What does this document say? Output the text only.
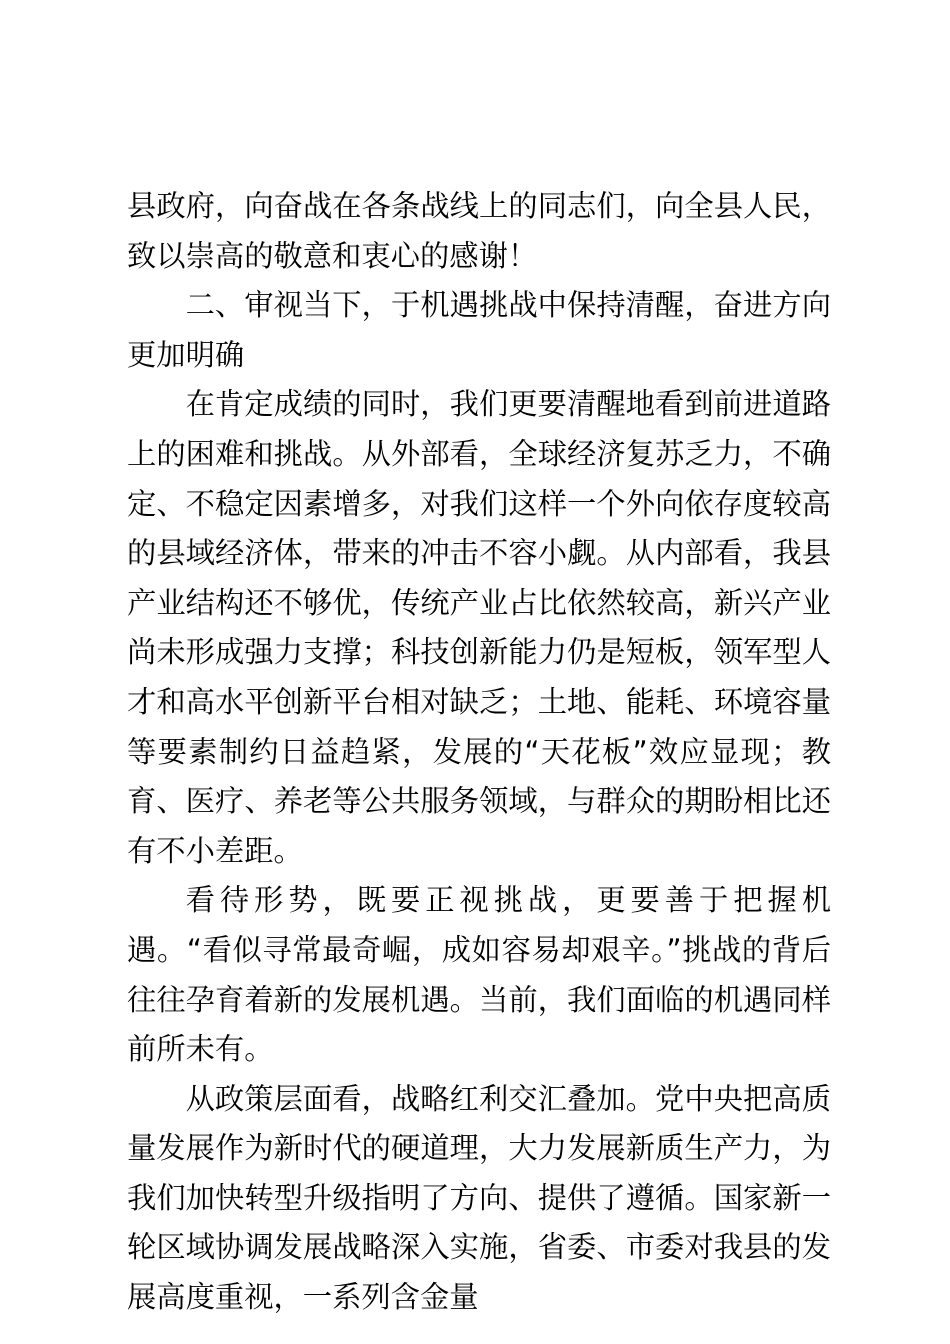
县政府，向奋战在各条战线上的同志们，向全县人民，致以崇高的敬意和衷心的感谢！

二、审视当下，于机遇挑战中保持清醒，奋进方向更加明确

在肯定成绩的同时，我们更要清醒地看到前进道路上的困难和挑战。从外部看，全球经济复苏乏力，不确定、不稳定因素增多，对我们这样一个外向依存度较高的县域经济体，带来的冲击不容小觑。从内部看，我县产业结构还不够优，传统产业占比依然较高，新兴产业尚未形成强力支撑；科技创新能力仍是短板，领军型人才和高水平创新平台相对缺乏；土地、能耗、环境容量等要素制约日益趋紧，发展的“天花板”效应显现；教育、医疗、养老等公共服务领域，与群众的期盼相比还有不小差距。

看待形势，既要正视挑战，更要善于把握机遇。“看似寻常最奇崛，成如容易却艰辛。”挑战的背后往往孕育着新的发展机遇。当前，我们面临的机遇同样前所未有。

从政策层面看，战略红利交汇叠加。党中央把高质量发展作为新时代的硬道理，大力发展新质生产力，为我们加快转型升级指明了方向、提供了遵循。国家新一轮区域协调发展战略深入实施，省委、市委对我县的发展高度重视，一系列含金量
